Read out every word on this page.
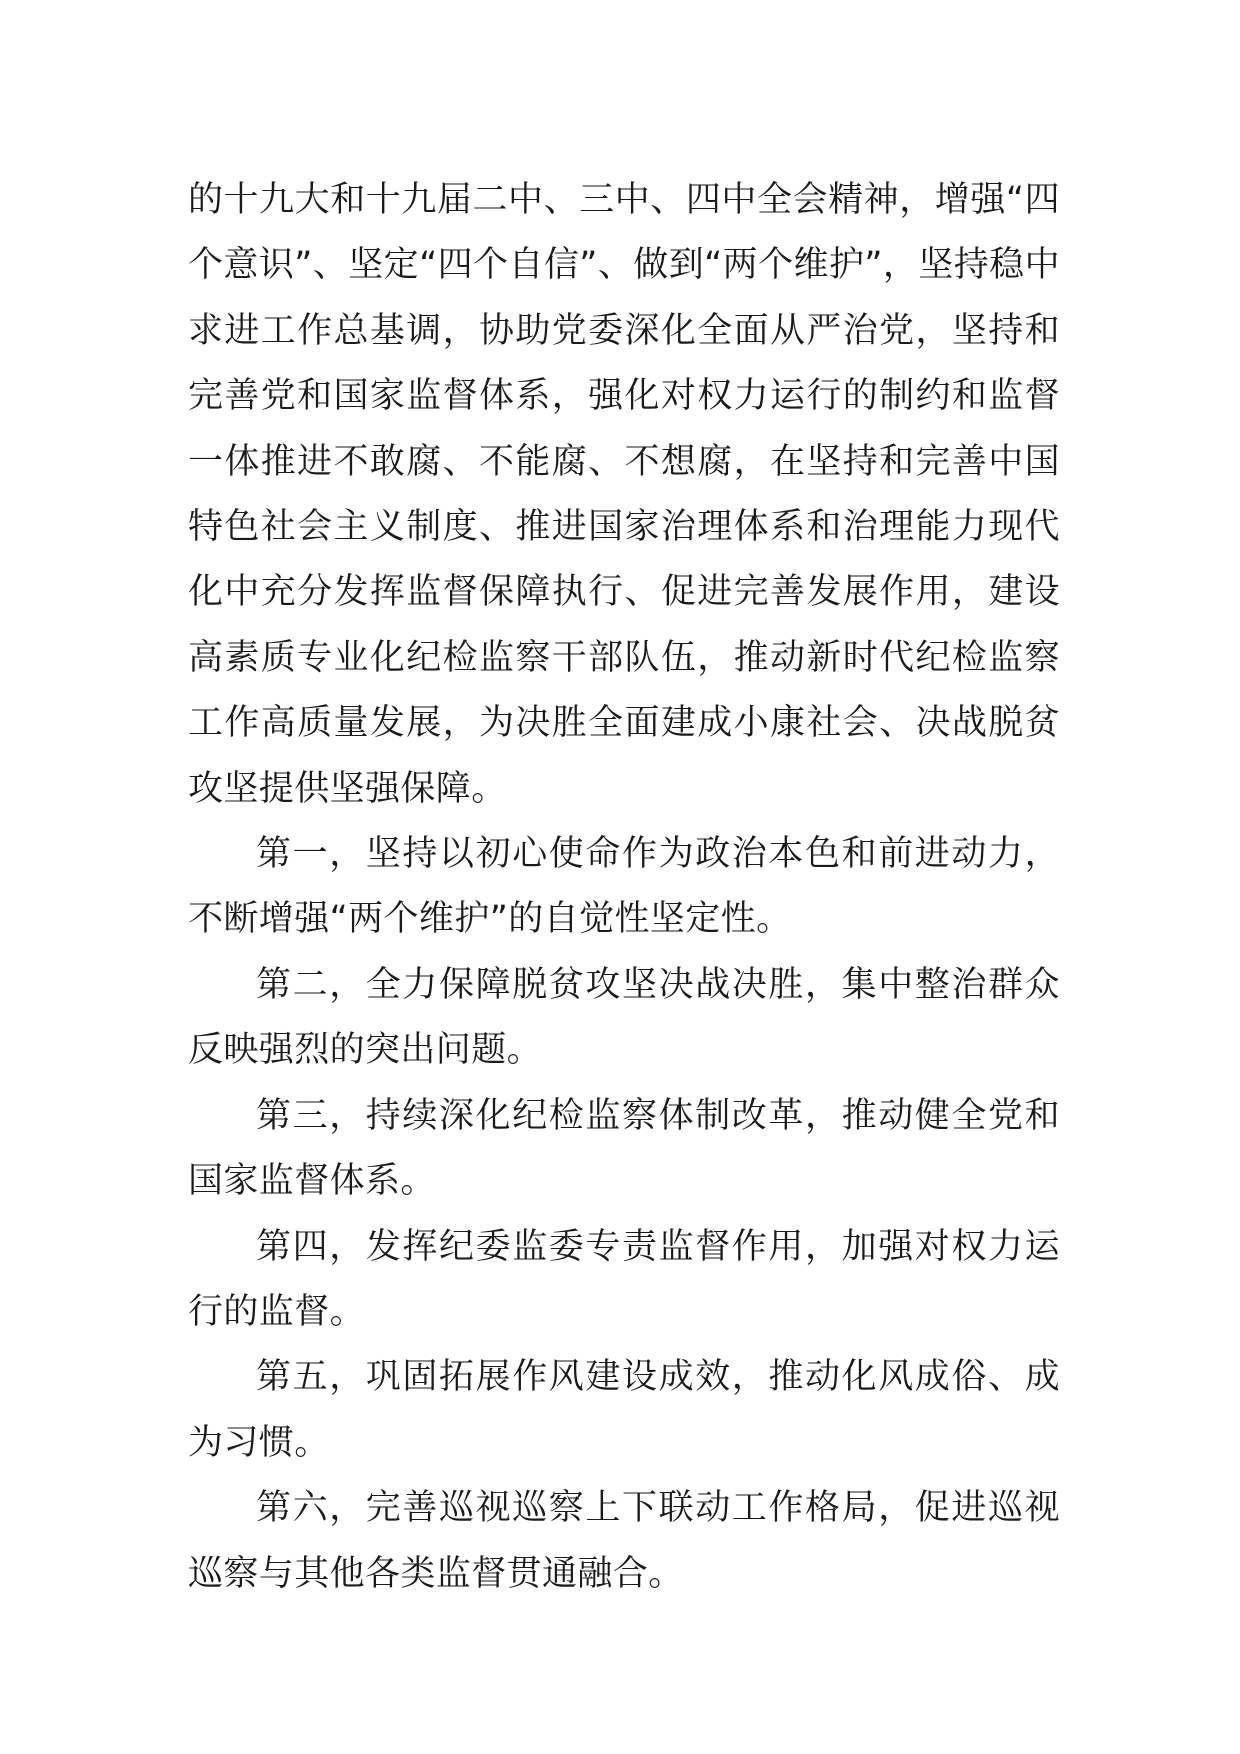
的十九大和十九届二中、三中、四中全会精神，增强“四个意识”、坚定“四个自信”、做到“两个维护”，坚持稳中求进工作总基调，协助党委深化全面从严治党，坚持和完善党和国家监督体系，强化对权力运行的制约和监督一体推进不敢腐、不能腐、不想腐，在坚持和完善中国特色社会主义制度、推进国家治理体系和治理能力现代化中充分发挥监督保障执行、促进完善发展作用，建设高素质专业化纪检监察干部队伍，推动新时代纪检监察工作高质量发展，为决胜全面建成小康社会、决战脱贫攻坚提供坚强保障。

第一，坚持以初心使命作为政治本色和前进动力，不断增强“两个维护”的自觉性坚定性。

第二，全力保障脱贫攻坚决战决胜，集中整治群众反映强烈的突出问题。

第三，持续深化纪检监察体制改革，推动健全党和国家监督体系。

第四，发挥纪委监委专责监督作用，加强对权力运行的监督。

第五，巩固拓展作风建设成效，推动化风成俗、成为习惯。

第六，完善巡视巡察上下联动工作格局，促进巡视巡察与其他各类监督贯通融合。
